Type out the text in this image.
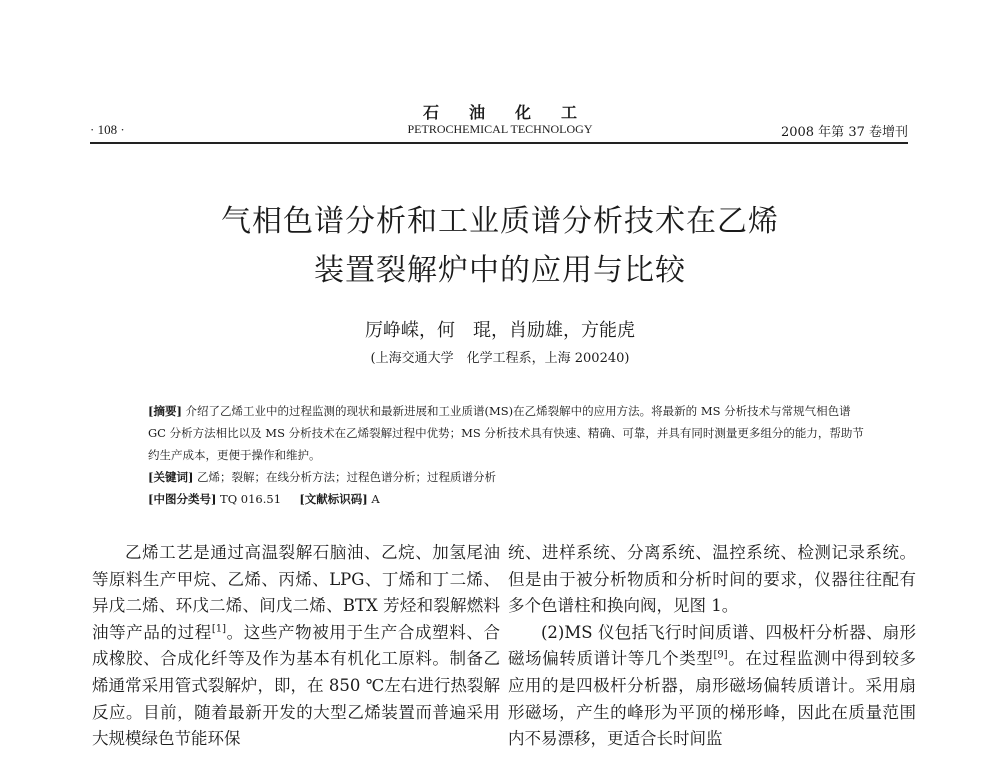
石油化工
· 108 ·	PETROCHEMICAL TECHNOLOGY	2008 年第 37 卷增刊
气相色谱分析和工业质谱分析技术在乙烯
装置裂解炉中的应用与比较
厉峥嵘，何　琨，肖励雄，方能虎
(上海交通大学　化学工程系，上海 200240)

[摘要] 介绍了乙烯工业中的过程监测的现状和最新进展和工业质谱(MS)在乙烯裂解中的应用方法。将最新的 MS 分析技术与常规气相色谱 GC 分析方法相比以及 MS 分析技术在乙烯裂解过程中优势；MS 分析技术具有快速、精确、可靠，并具有同时测量更多组分的能力，帮助节约生产成本，更便于操作和维护。

[关键词] 乙烯；裂解；在线分析方法；过程色谱分析；过程质谱分析

[中图分类号] TQ 016.51 [文献标识码] A

乙烯工艺是通过高温裂解石脑油、乙烷、加氢尾油等原料生产甲烷、乙烯、丙烯、LPG、丁烯和丁二烯、异戊二烯、环戊二烯、间戊二烯、BTX 芳烃和裂解燃料油等产品的过程[1]。这些产物被用于生产合成塑料、合成橡胶、合成化纤等及作为基本有机化工原料。制备乙烯通常采用管式裂解炉，即，在 850 ℃左右进行热裂解反应。目前，随着最新开发的大型乙烯装置而普遍采用大规模绿色节能环保

统、进样系统、分离系统、温控系统、检测记录系统。但是由于被分析物质和分析时间的要求，仪器往往配有多个色谱柱和换向阀，见图 1。

(2)MS 仪包括飞行时间质谱、四极杆分析器、扇形磁场偏转质谱计等几个类型[9]。在过程监测中得到较多应用的是四极杆分析器，扇形磁场偏转质谱计。采用扇形磁场，产生的峰形为平顶的梯形峰，因此在质量范围内不易漂移，更适合长时间监
